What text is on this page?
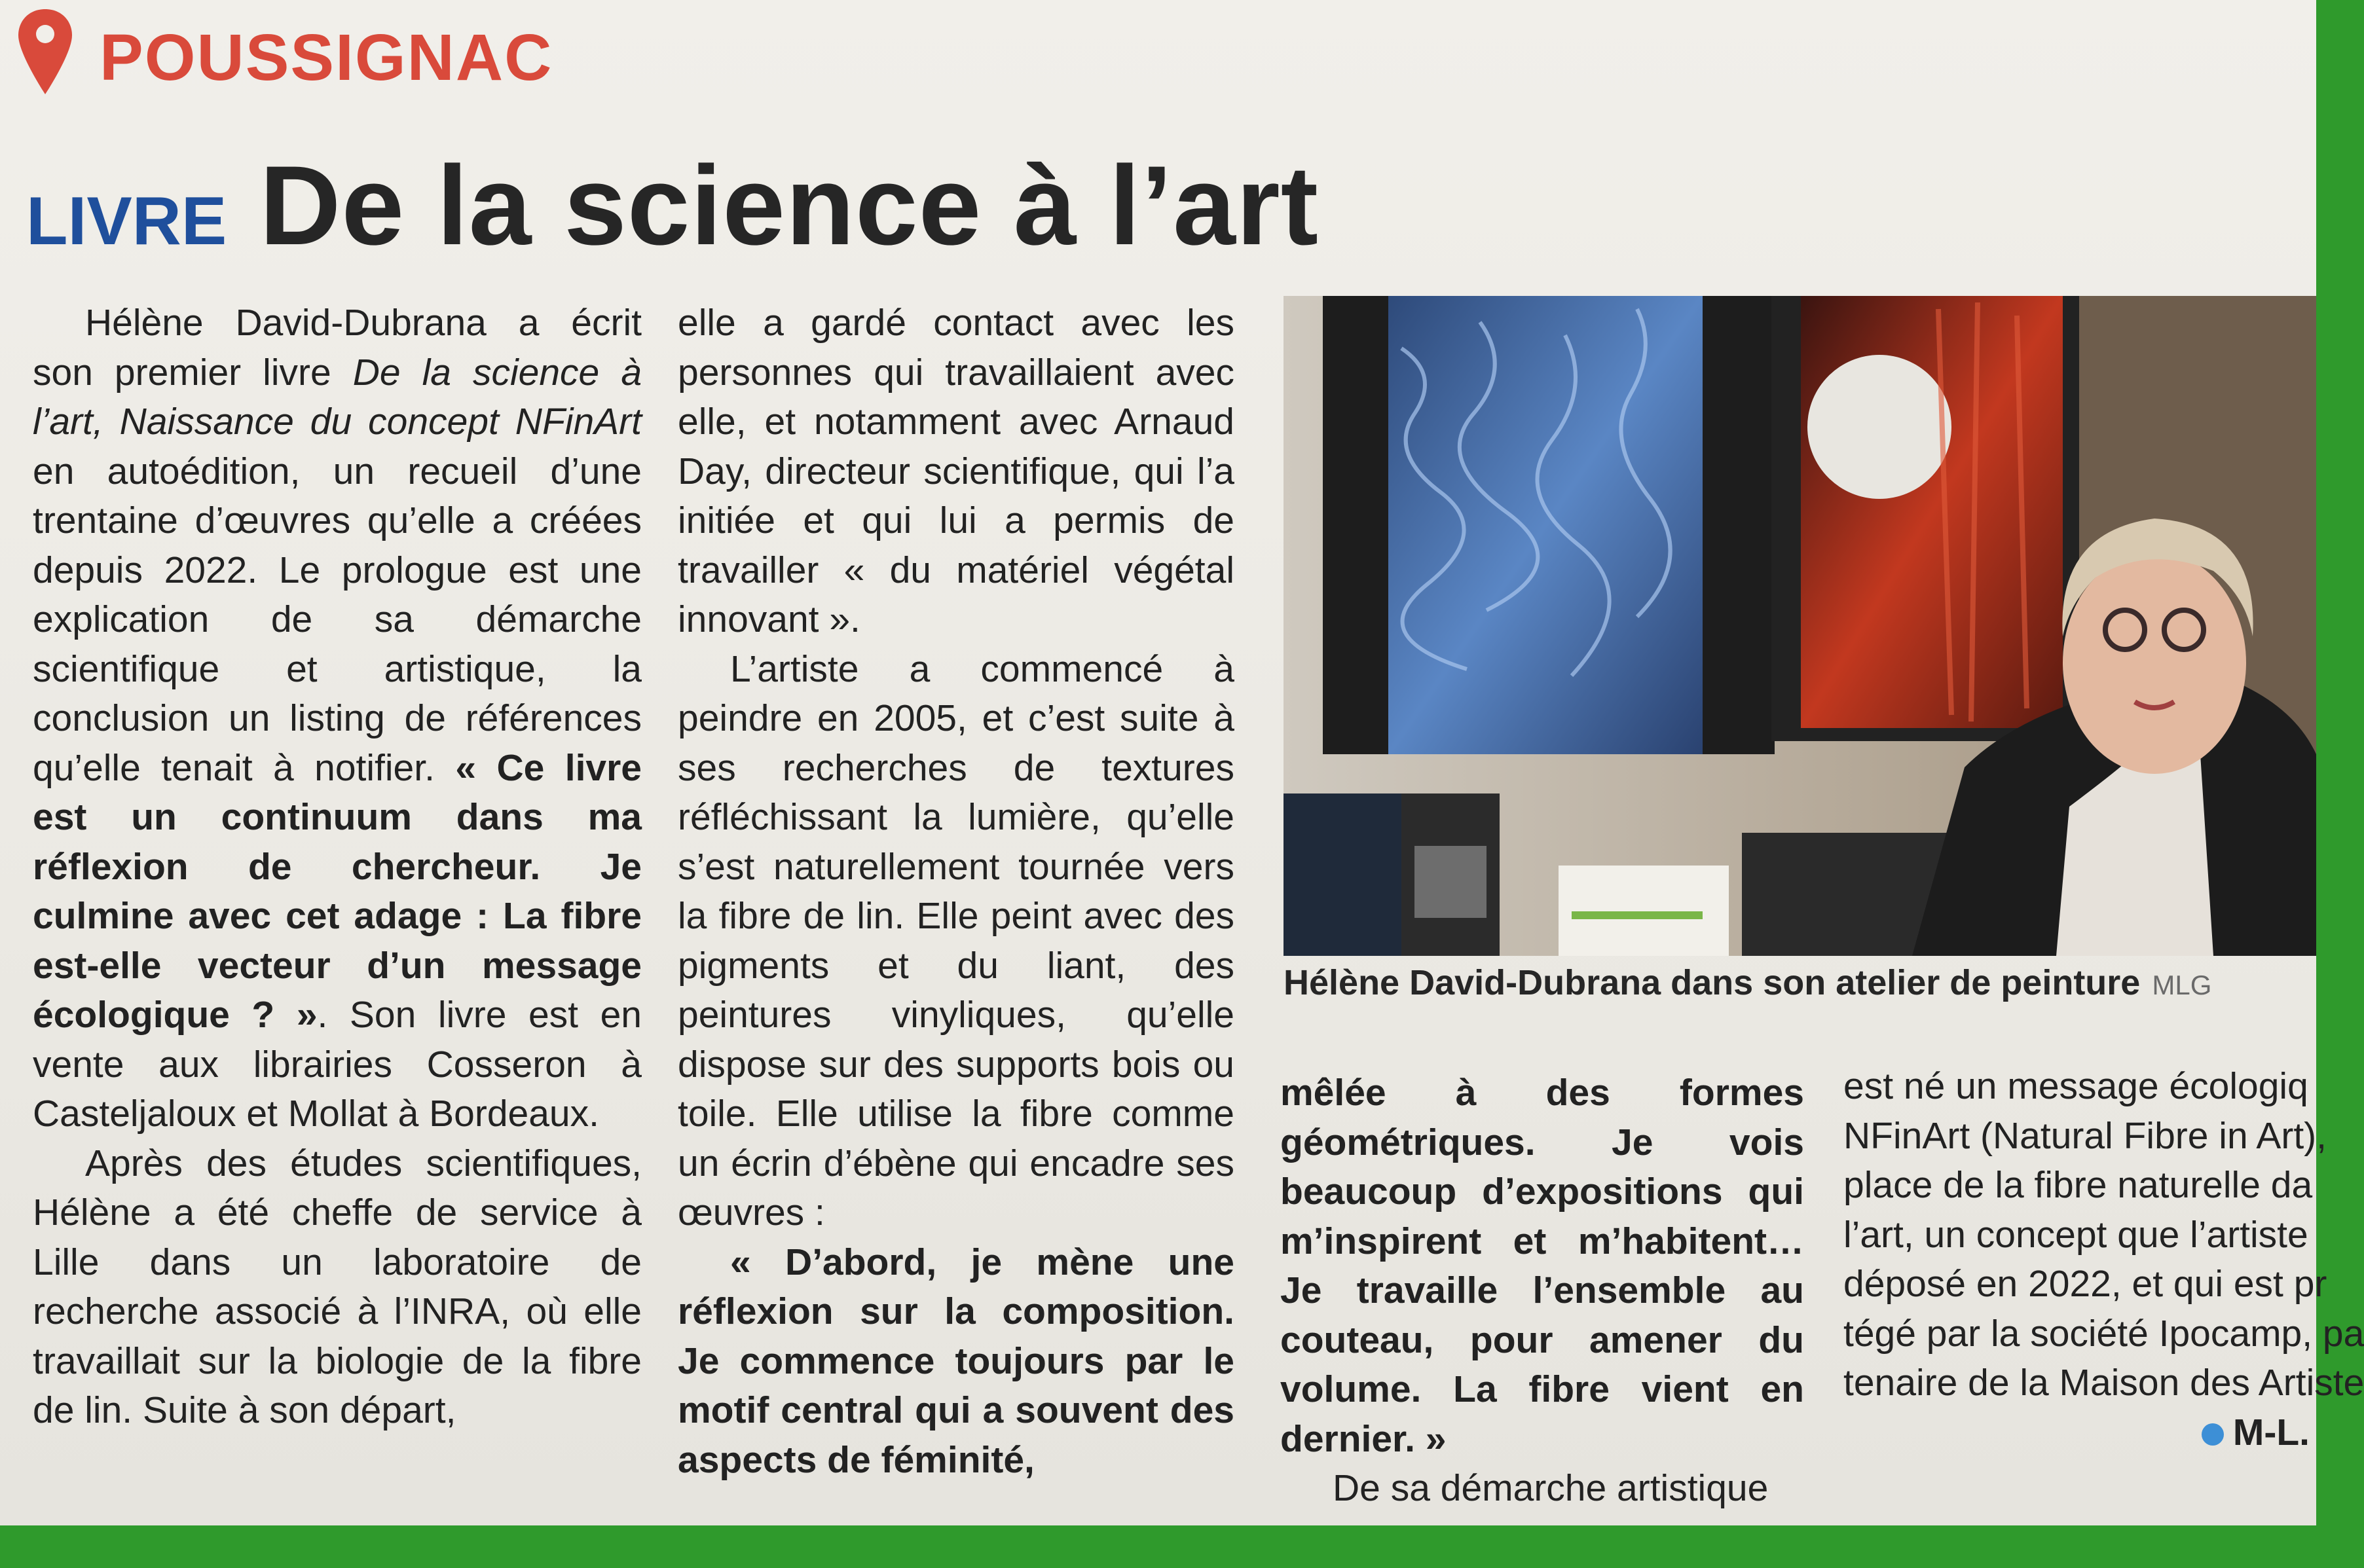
POUSSIGNAC
LIVRE De la science à l’art

Hélène David-Dubrana a écrit son premier livre De la science à l’art, Naissance du concept NFinArt en autoédition, un recueil d’une trentaine d’œuvres qu’elle a créées depuis 2022. Le prologue est une explication de sa démarche scientifique et artistique, la conclusion un listing de références qu’elle tenait à notifier. « Ce livre est un continuum dans ma réflexion de chercheur. Je culmine avec cet adage : La fibre est-elle vecteur d’un message écologique ? ». Son livre est en vente aux librairies Cosseron à Casteljaloux et Mollat à Bordeaux.

Après des études scientifiques, Hélène a été cheffe de service à Lille dans un laboratoire de recherche associé à l’INRA, où elle travaillait sur la biologie de la fibre de lin. Suite à son départ,

elle a gardé contact avec les personnes qui travaillaient avec elle, et notamment avec Arnaud Day, directeur scientifique, qui l’a initiée et qui lui a permis de travailler « du matériel végétal innovant ».

L’artiste a commencé à peindre en 2005, et c’est suite à ses recherches de textures réfléchissant la lumière, qu’elle s’est naturellement tournée vers la fibre de lin. Elle peint avec des pigments et du liant, des peintures vinyliques, qu’elle dispose sur des supports bois ou toile. Elle utilise la fibre comme un écrin d’ébène qui encadre ses œuvres :

« D’abord, je mène une réflexion sur la composition. Je commence toujours par le motif central qui a souvent des aspects de féminité,

Hélène David-Dubrana dans son atelier de peinture MLG

mêlée à des formes géométriques. Je vois beaucoup d’expositions qui m’inspirent et m’habitent… Je travaille l’ensemble au couteau, pour amener du volume. La fibre vient en dernier. »

De sa démarche artistique

est né un message écologiq
NFinArt (Natural Fibre in Art),
place de la fibre naturelle da
l’art, un concept que l’artiste
déposé en 2022, et qui est pr
tégé par la société Ipocamp, pa
tenaire de la Maison des Artiste
M-L.
